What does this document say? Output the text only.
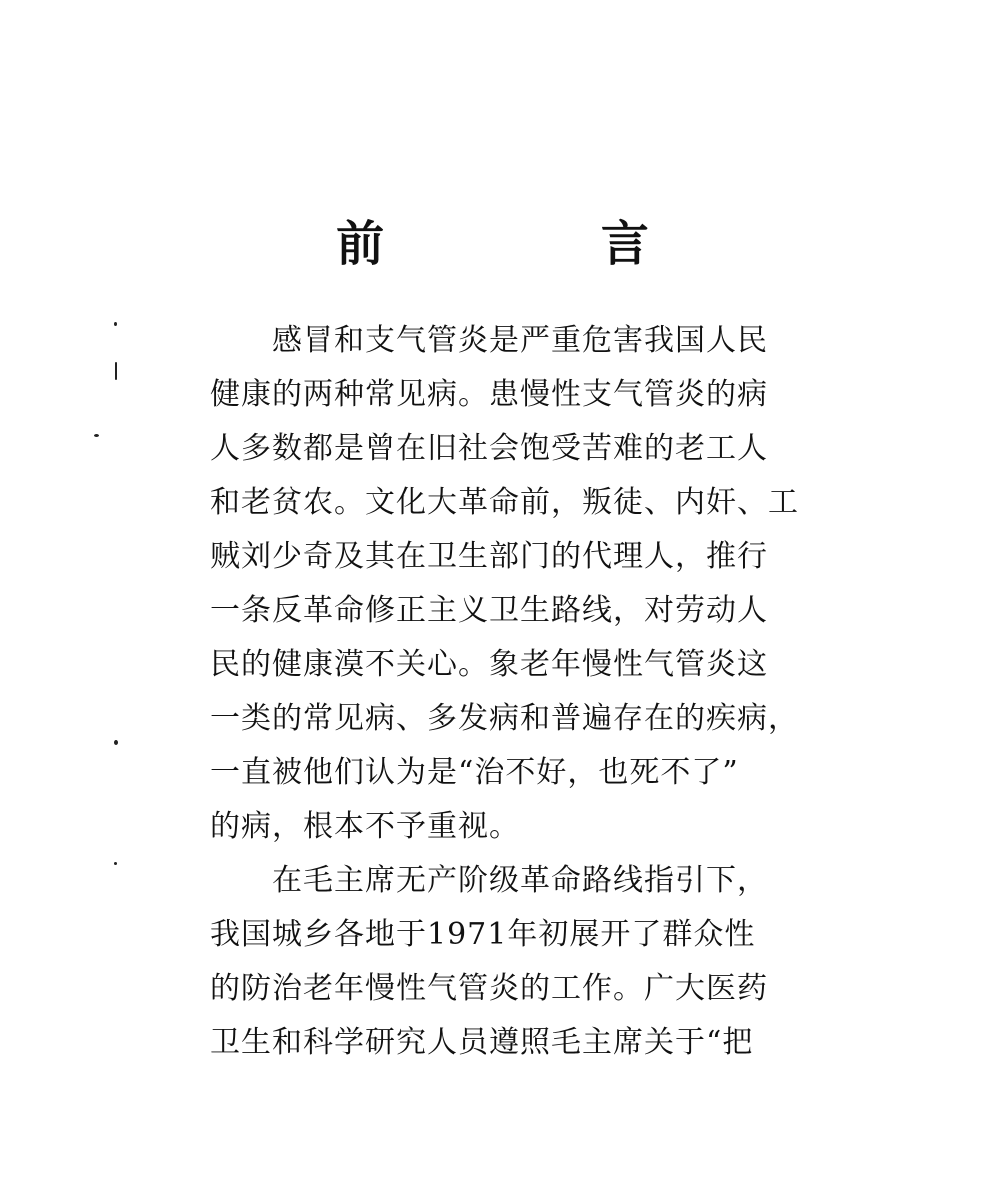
前 言
　　感冒和支气管炎是严重危害我国人民
健康的两种常见病。患慢性支气管炎的病
人多数都是曾在旧社会饱受苦难的老工人
和老贫农。文化大革命前，叛徒、内奸、工
贼刘少奇及其在卫生部门的代理人，推行
一条反革命修正主义卫生路线，对劳动人
民的健康漠不关心。象老年慢性气管炎这
一类的常见病、多发病和普遍存在的疾病，
一直被他们认为是“治不好，也死不了”
的病，根本不予重视。
　　在毛主席无产阶级革命路线指引下，
我国城乡各地于1971年初展开了群众性
的防治老年慢性气管炎的工作。广大医药
卫生和科学研究人员遵照毛主席关于“把
